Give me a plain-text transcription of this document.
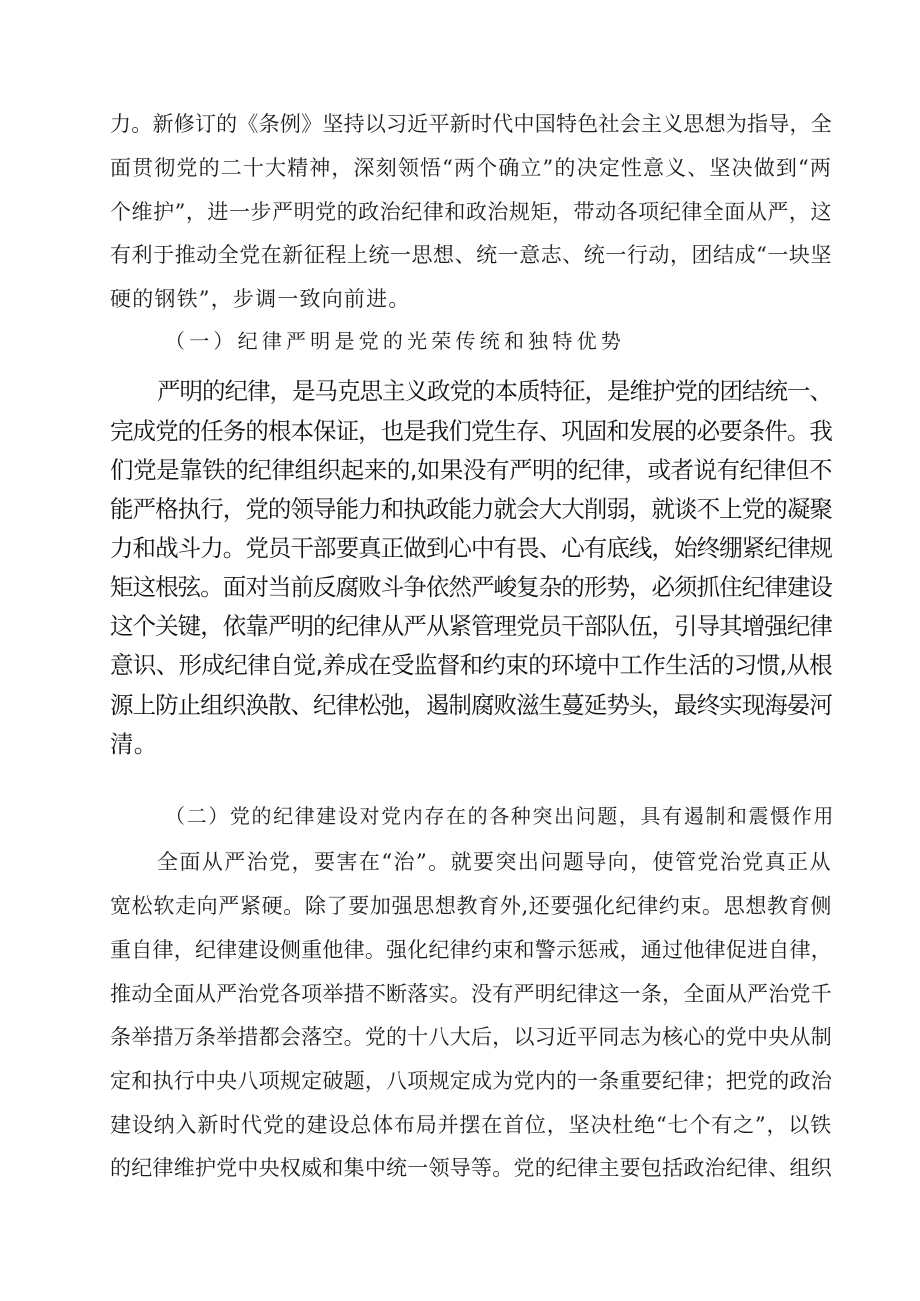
力。新修订的《条例》坚持以习近平新时代中国特色社会主义思想为指导，全
面贯彻党的二十大精神，深刻领悟“两个确立”的决定性意义、坚决做到“两
个维护”，进一步严明党的政治纪律和政治规矩，带动各项纪律全面从严，这
有利于推动全党在新征程上统一思想、统一意志、统一行动，团结成“一块坚
硬的钢铁”，步调一致向前进。
（一）纪律严明是党的光荣传统和独特优势
严明的纪律，是马克思主义政党的本质特征，是维护党的团结统一、
完成党的任务的根本保证，也是我们党生存、巩固和发展的必要条件。我
们党是靠铁的纪律组织起来的,如果没有严明的纪律，或者说有纪律但不
能严格执行，党的领导能力和执政能力就会大大削弱，就谈不上党的凝聚
力和战斗力。党员干部要真正做到心中有畏、心有底线，始终绷紧纪律规
矩这根弦。面对当前反腐败斗争依然严峻复杂的形势，必须抓住纪律建设
这个关键，依靠严明的纪律从严从紧管理党员干部队伍，引导其增强纪律
意识、形成纪律自觉,养成在受监督和约束的环境中工作生活的习惯,从根
源上防止组织涣散、纪律松弛，遏制腐败滋生蔓延势头，最终实现海晏河
清。
（二）党的纪律建设对党内存在的各种突出问题，具有遏制和震慑作用
全面从严治党，要害在“治”。就要突出问题导向，使管党治党真正从
宽松软走向严紧硬。除了要加强思想教育外,还要强化纪律约束。思想教育侧
重自律，纪律建设侧重他律。强化纪律约束和警示惩戒，通过他律促进自律，
推动全面从严治党各项举措不断落实。没有严明纪律这一条，全面从严治党千
条举措万条举措都会落空。党的十八大后，以习近平同志为核心的党中央从制
定和执行中央八项规定破题，八项规定成为党内的一条重要纪律；把党的政治
建设纳入新时代党的建设总体布局并摆在首位，坚决杜绝“七个有之”，以铁
的纪律维护党中央权威和集中统一领导等。党的纪律主要包括政治纪律、组织
